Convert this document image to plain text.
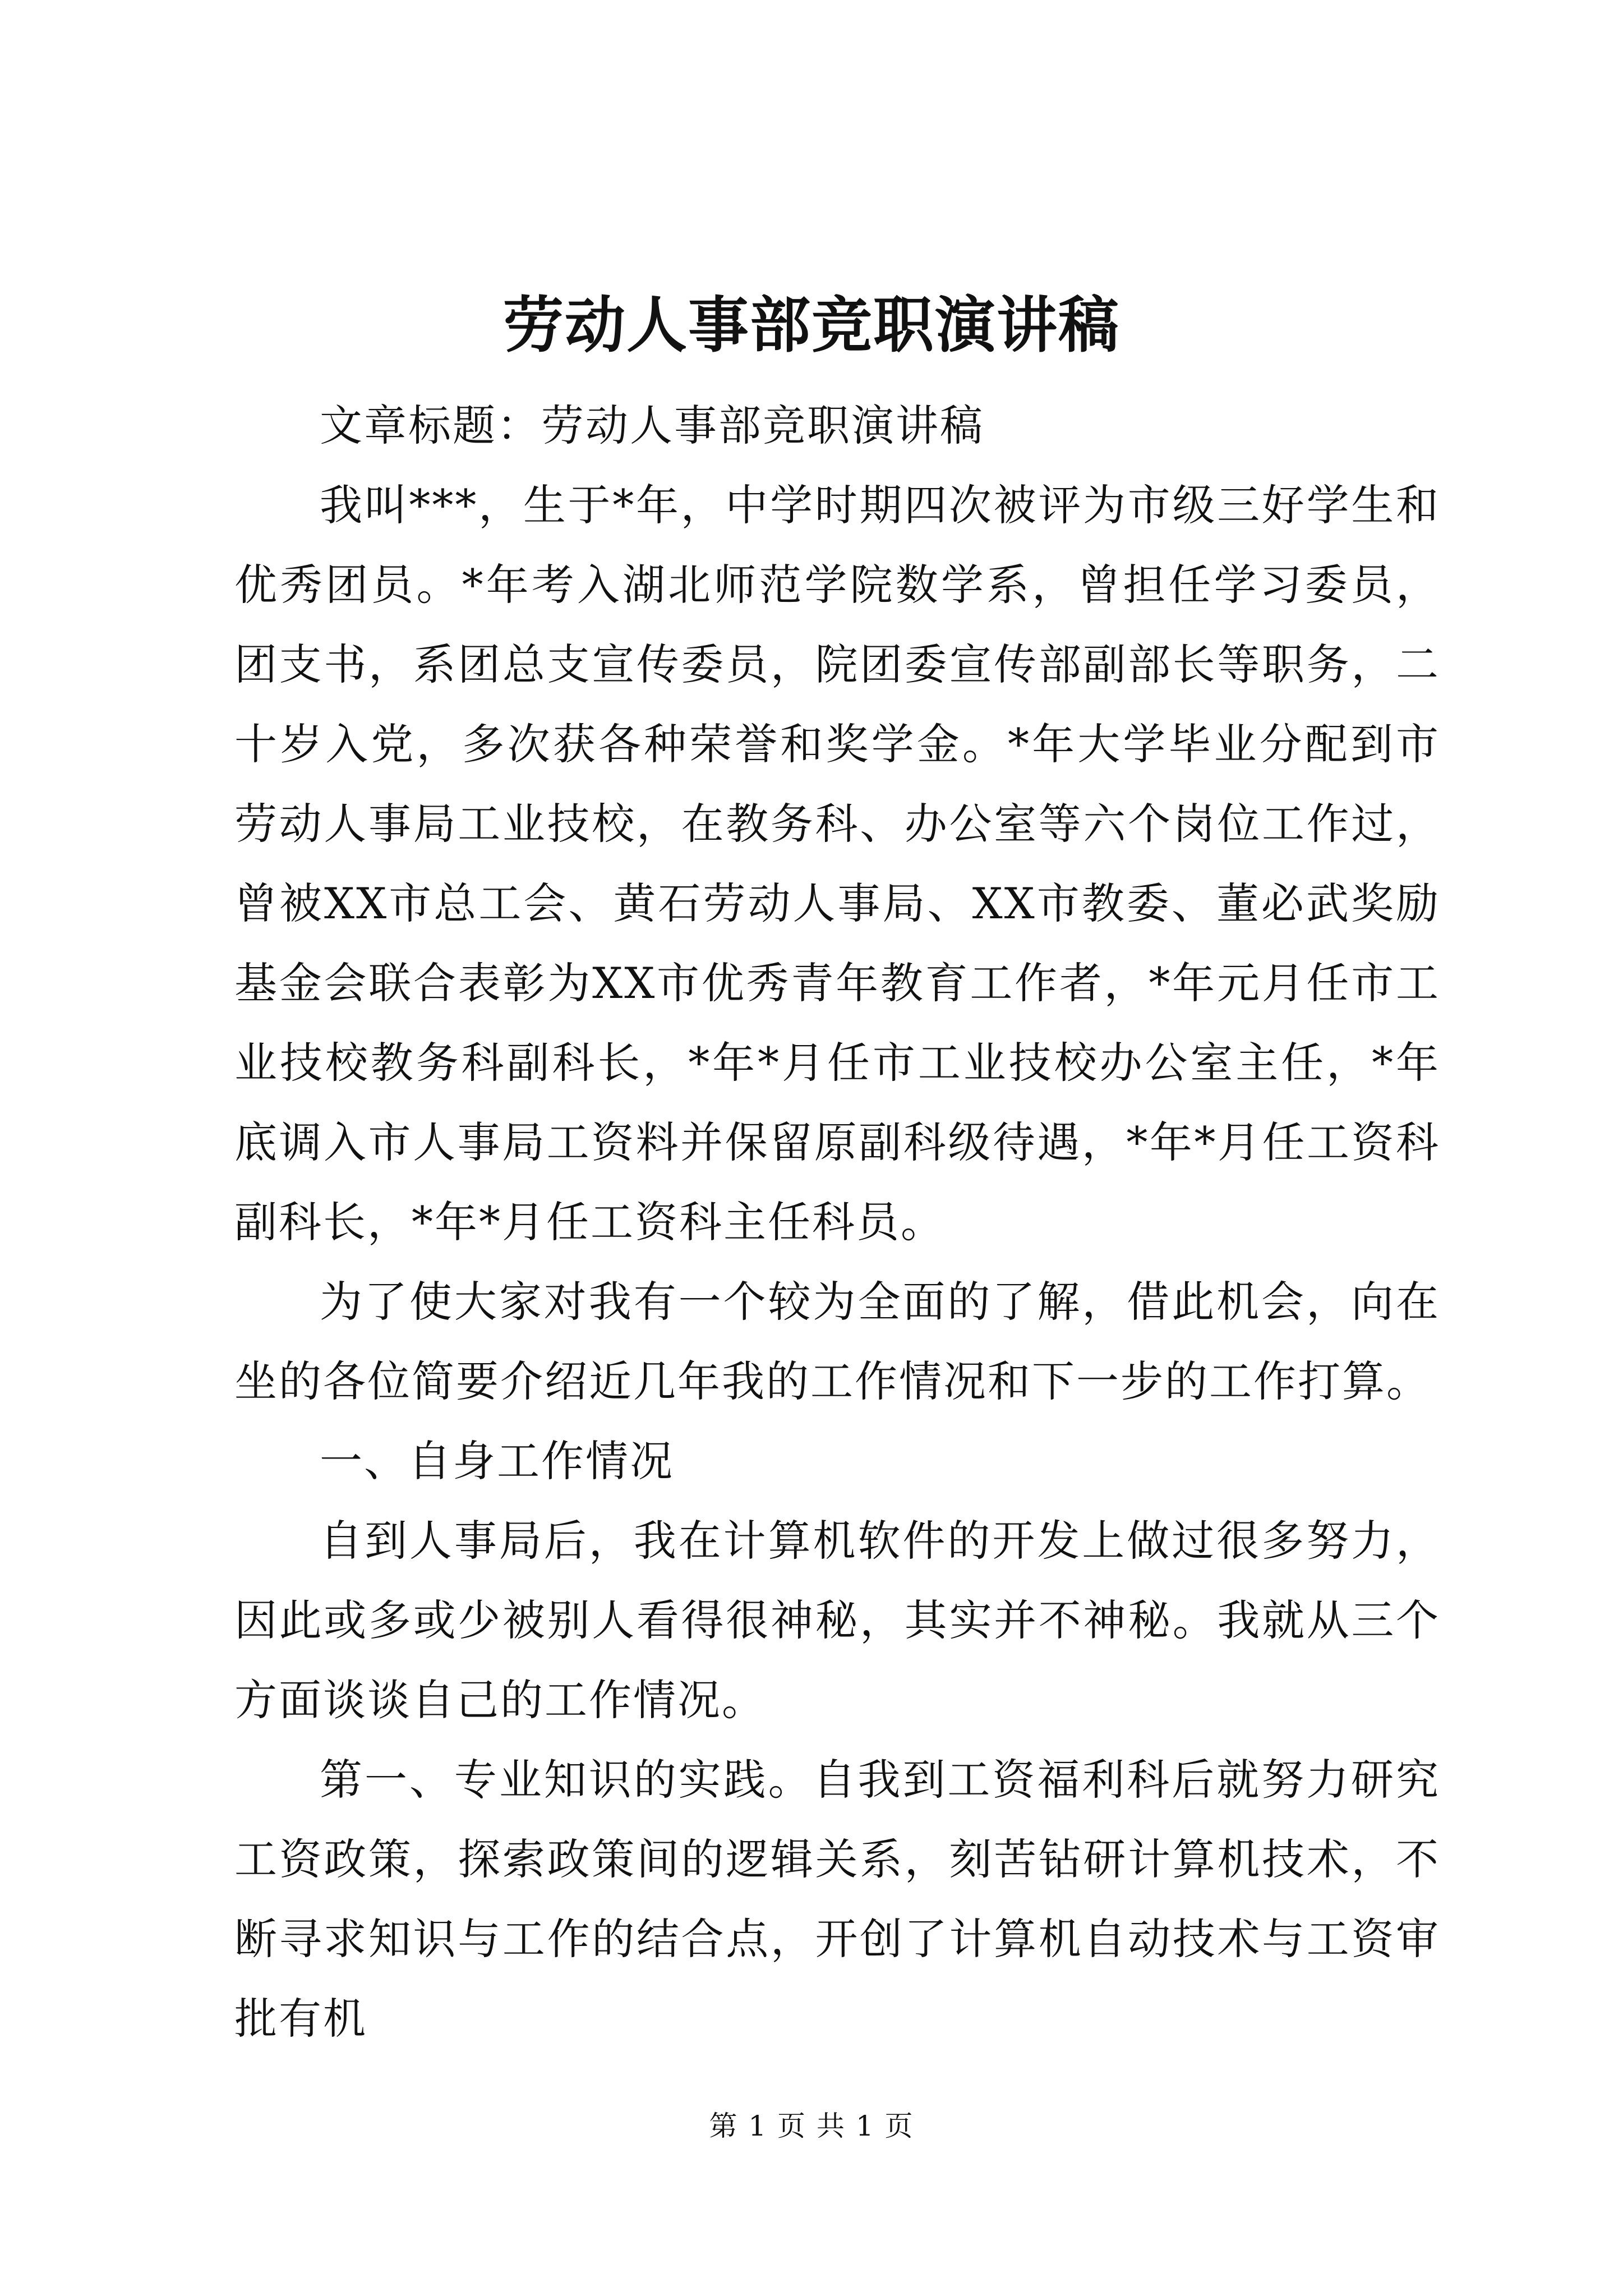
劳动人事部竞职演讲稿

文章标题：劳动人事部竞职演讲稿

我叫***，生于*年，中学时期四次被评为市级三好学生和优秀团员。*年考入湖北师范学院数学系，曾担任学习委员，团支书，系团总支宣传委员，院团委宣传部副部长等职务，二十岁入党，多次获各种荣誉和奖学金。*年大学毕业分配到市劳动人事局工业技校，在教务科、办公室等六个岗位工作过，曾被XX市总工会、黄石劳动人事局、XX市教委、董必武奖励基金会联合表彰为XX市优秀青年教育工作者，*年元月任市工业技校教务科副科长，*年*月任市工业技校办公室主任，*年底调入市人事局工资料并保留原副科级待遇，*年*月任工资科副科长，*年*月任工资科主任科员。

为了使大家对我有一个较为全面的了解，借此机会，向在坐的各位简要介绍近几年我的工作情况和下一步的工作打算。

一、自身工作情况

自到人事局后，我在计算机软件的开发上做过很多努力，因此或多或少被别人看得很神秘，其实并不神秘。我就从三个方面谈谈自己的工作情况。

第一、专业知识的实践。自我到工资福利科后就努力研究工资政策，探索政策间的逻辑关系，刻苦钻研计算机技术，不断寻求知识与工作的结合点，开创了计算机自动技术与工资审批有机

第 1 页 共 1 页
